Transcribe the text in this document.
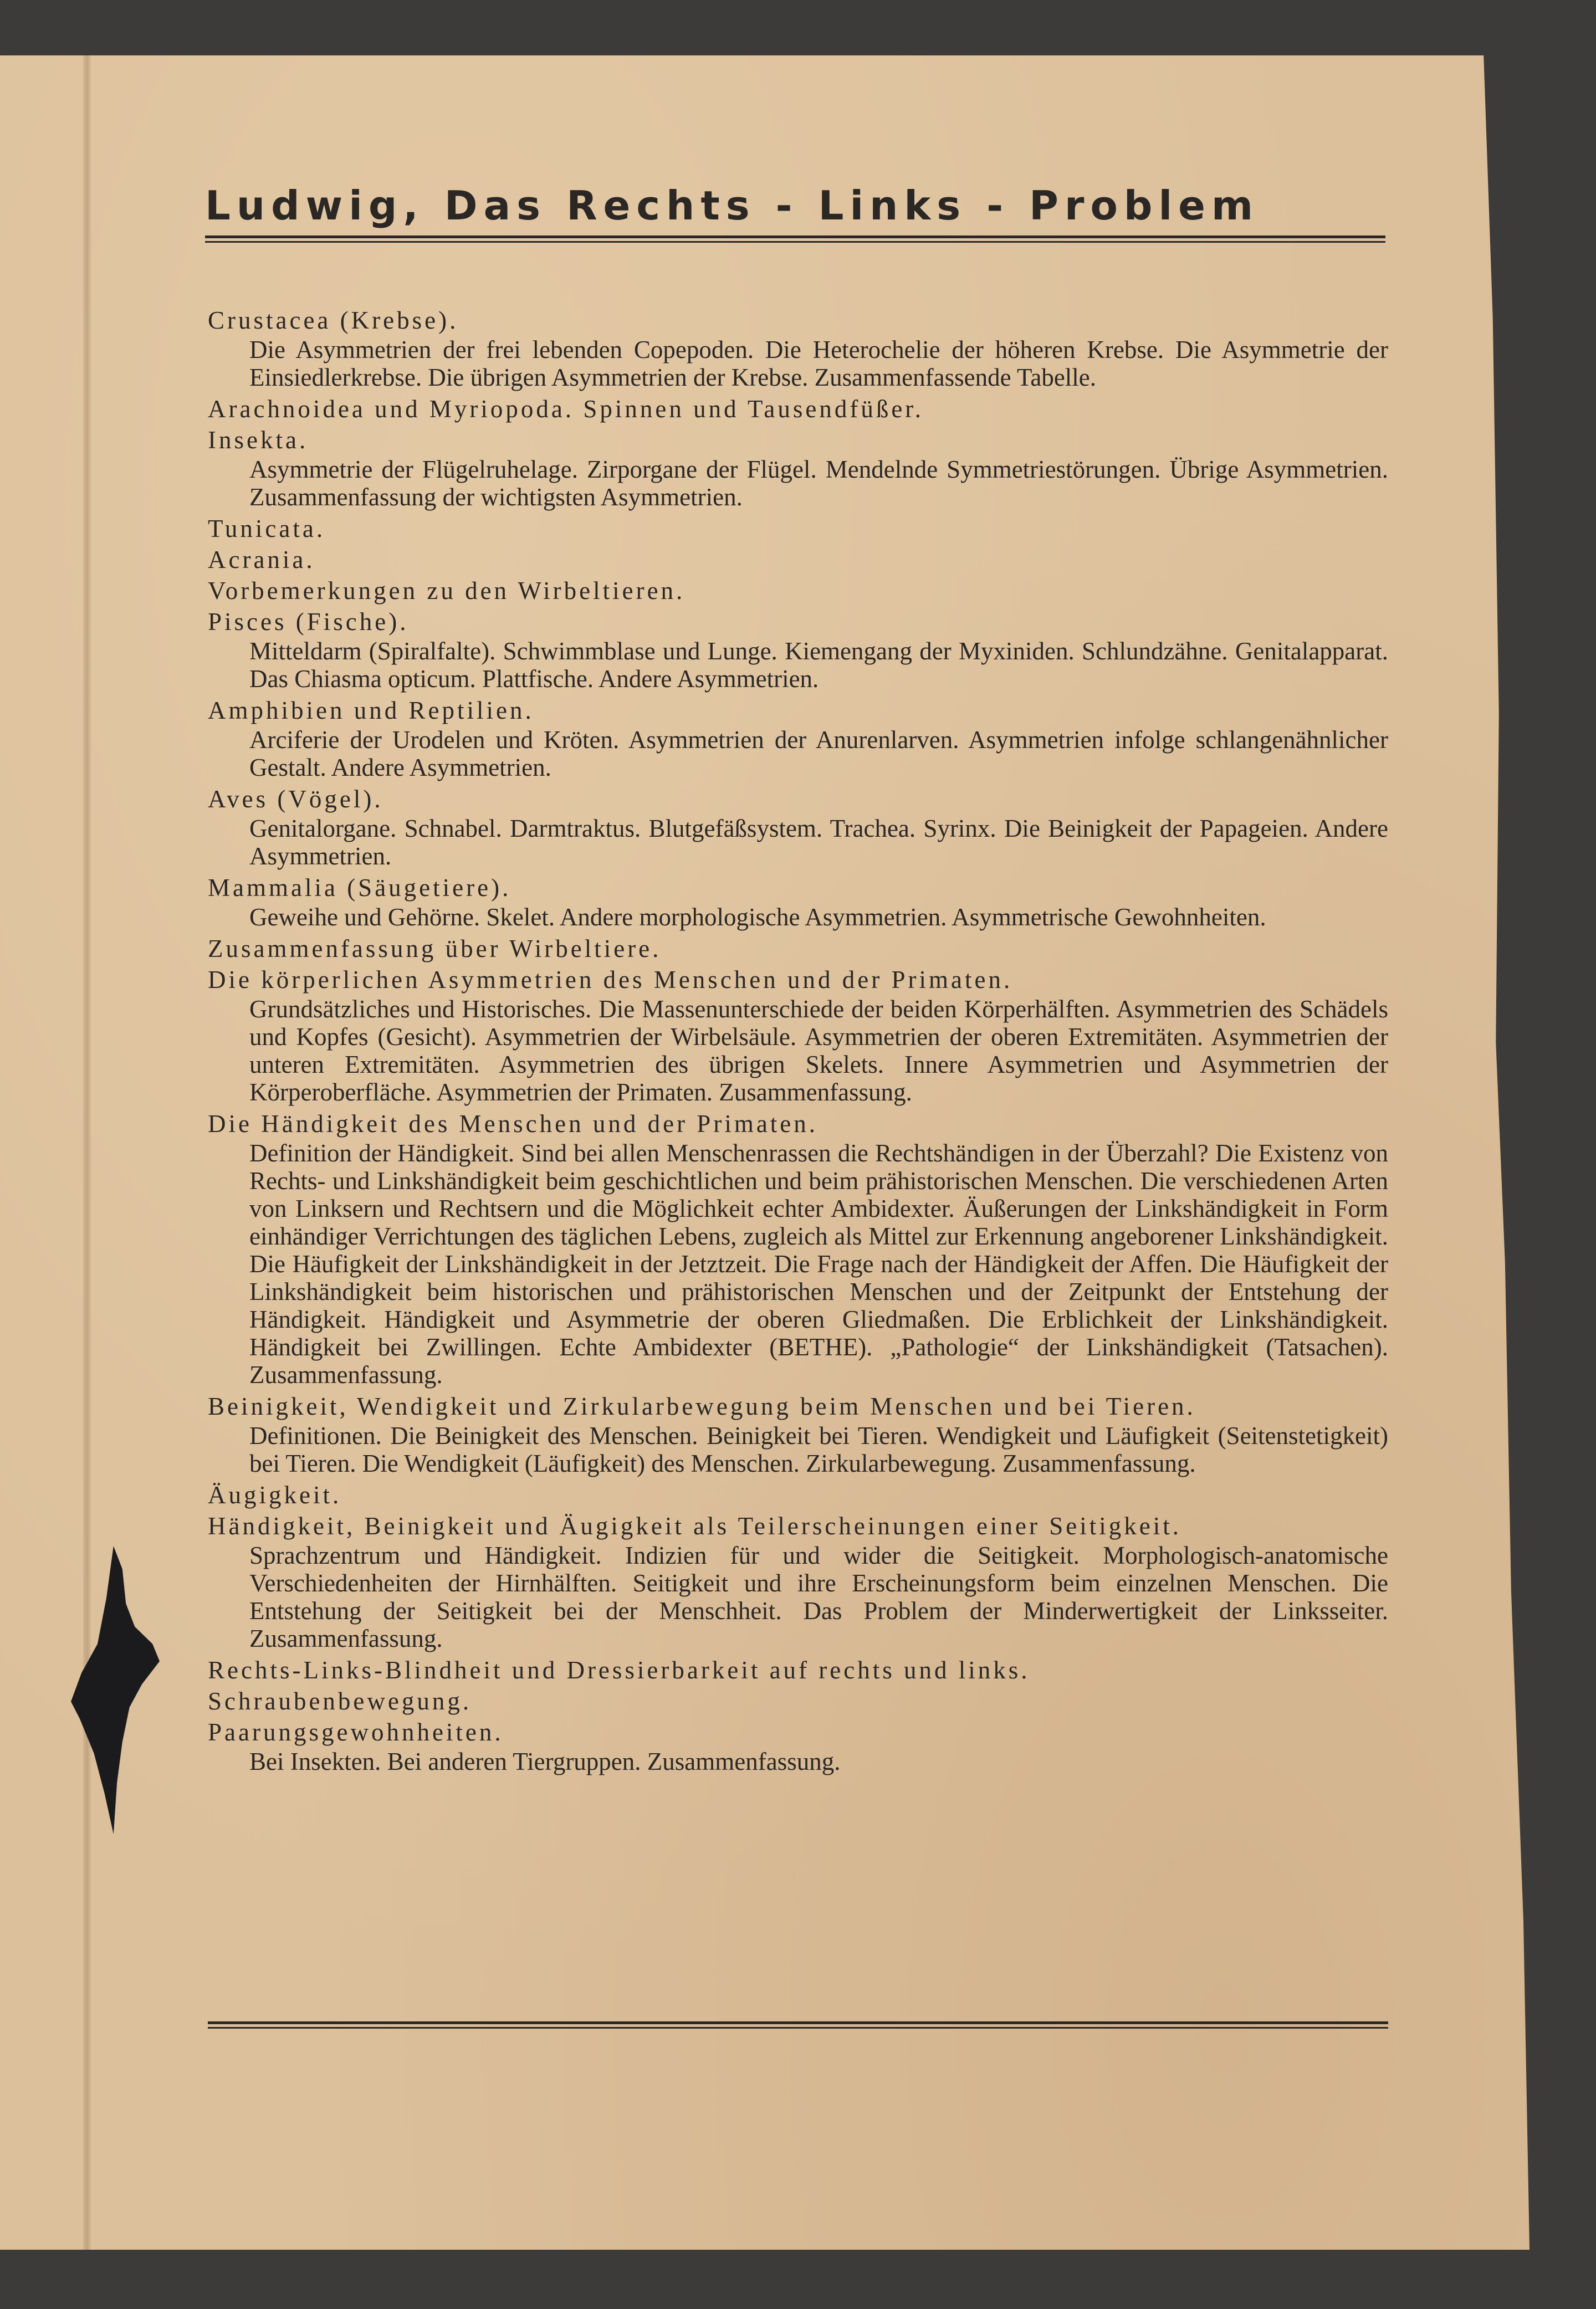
Ludwig, Das Rechts - Links - Problem
Crustacea (Krebse).
Die Asymmetrien der frei lebenden Copepoden. Die Heterochelie der höheren Krebse. Die Asymmetrie der Einsiedlerkrebse. Die übrigen Asymmetrien der Krebse. Zusammenfassende Tabelle.
Arachnoidea und Myriopoda. Spinnen und Tausendfüßer.
Insekta.
Asymmetrie der Flügelruhelage. Zirporgane der Flügel. Mendelnde Symmetriestörungen. Übrige Asymmetrien. Zusammenfassung der wichtigsten Asymmetrien.
Tunicata.
Acrania.
Vorbemerkungen zu den Wirbeltieren.
Pisces (Fische).
Mitteldarm (Spiralfalte). Schwimmblase und Lunge. Kiemengang der Myxiniden. Schlundzähne. Genitalapparat. Das Chiasma opticum. Plattfische. Andere Asymmetrien.
Amphibien und Reptilien.
Arciferie der Urodelen und Kröten. Asymmetrien der Anurenlarven. Asymmetrien infolge schlangenähnlicher Gestalt. Andere Asymmetrien.
Aves (Vögel).
Genitalorgane. Schnabel. Darmtraktus. Blutgefäßsystem. Trachea. Syrinx. Die Beinigkeit der Papageien. Andere Asymmetrien.
Mammalia (Säugetiere).
Geweihe und Gehörne. Skelet. Andere morphologische Asymmetrien. Asymmetrische Gewohnheiten.
Zusammenfassung über Wirbeltiere.
Die körperlichen Asymmetrien des Menschen und der Primaten.
Grundsätzliches und Historisches. Die Massenunterschiede der beiden Körperhälften. Asymmetrien des Schädels und Kopfes (Gesicht). Asymmetrien der Wirbelsäule. Asymmetrien der oberen Extremitäten. Asymmetrien der unteren Extremitäten. Asymmetrien des übrigen Skelets. Innere Asymmetrien und Asymmetrien der Körperoberfläche. Asymmetrien der Primaten. Zusammenfassung.
Die Händigkeit des Menschen und der Primaten.
Definition der Händigkeit. Sind bei allen Menschenrassen die Rechtshändigen in der Überzahl? Die Existenz von Rechts- und Linkshändigkeit beim geschichtlichen und beim prähistorischen Menschen. Die verschiedenen Arten von Linksern und Rechtsern und die Möglichkeit echter Ambidexter. Äußerungen der Linkshändigkeit in Form einhändiger Verrichtungen des täglichen Lebens, zugleich als Mittel zur Erkennung angeborener Linkshändigkeit. Die Häufigkeit der Linkshändigkeit in der Jetztzeit. Die Frage nach der Händigkeit der Affen. Die Häufigkeit der Linkshändigkeit beim historischen und prähistorischen Menschen und der Zeitpunkt der Entstehung der Händigkeit. Händigkeit und Asymmetrie der oberen Gliedmaßen. Die Erblichkeit der Linkshändigkeit. Händigkeit bei Zwillingen. Echte Ambidexter (BETHE). „Pathologie“ der Linkshändigkeit (Tatsachen). Zusammenfassung.
Beinigkeit, Wendigkeit und Zirkularbewegung beim Menschen und bei Tieren.
Definitionen. Die Beinigkeit des Menschen. Beinigkeit bei Tieren. Wendigkeit und Läufigkeit (Seitenstetigkeit) bei Tieren. Die Wendigkeit (Läufigkeit) des Menschen. Zirkularbewegung. Zusammenfassung.
Äugigkeit.
Händigkeit, Beinigkeit und Äugigkeit als Teilerscheinungen einer Seitigkeit.
Sprachzentrum und Händigkeit. Indizien für und wider die Seitigkeit. Morphologisch-anatomische Verschiedenheiten der Hirnhälften. Seitigkeit und ihre Erscheinungsform beim einzelnen Menschen. Die Entstehung der Seitigkeit bei der Menschheit. Das Problem der Minderwertigkeit der Linksseiter. Zusammenfassung.
Rechts-Links-Blindheit und Dressierbarkeit auf rechts und links.
Schraubenbewegung.
Paarungsgewohnheiten.
Bei Insekten. Bei anderen Tiergruppen. Zusammenfassung.
